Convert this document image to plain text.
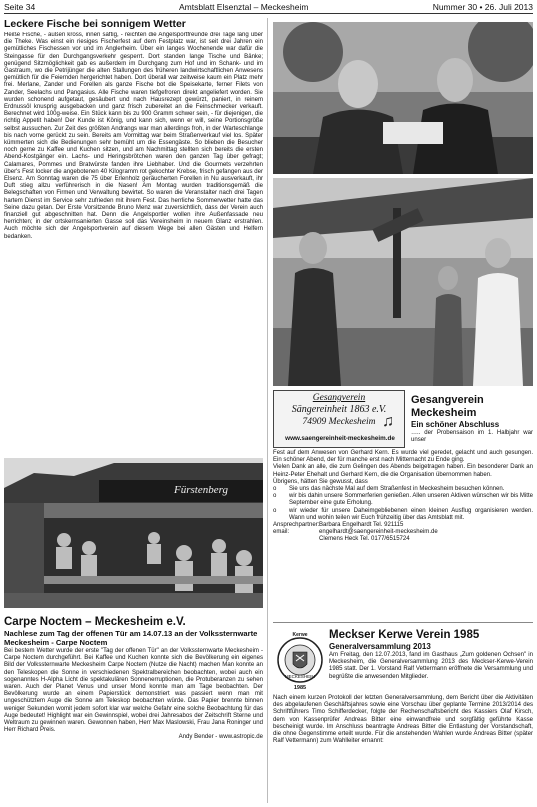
Seite 34	Amtsblatt Elsenztal – Meckesheim	Nummer 30 • 26. Juli 2013
Leckere Fische bei sonnigem Wetter

Heiße Fische, - außen kross, innen saftig, - reichten die Angelsportfreunde drei Tage lang über die Theke. Was einst ein riesiges Fischerfest auf dem Festplatz war, ist seit drei Jahren ein gemütliches Fischessen vor und im Anglerheim. Über ein langes Wochenende war dafür die Steingasse für den Durchgangsverkehr gesperrt. Dort standen lange Tische und Bänke; genügend Sitzmöglichkeit gab es außerdem im Durchgang zum Hof und im Schank- und im Gastraum, wo die Petrijünger die alten Stallungen des früheren landwirtschaftlichen Anwesens gemütlich für die Feiernden hergerichtet haben. Dort überall war zeitweise kaum ein Platz mehr frei. Merlane, Zander und Forellen als ganze Fische bot die Speisekarte, ferner Filets von Zander, Seelachs und Pangasius. Alle Fische waren tiefgefroren direkt angeliefert worden. Sie wurden schonend aufgetaut, gesäubert und nach Hausrezept gewürzt, paniert, in reinem Erdnussöl knusprig ausgebacken und ganz frisch zubereitet an die Feinschmecker verkauft. Berechnet wird 100g-weise. Ein Stück kann bis zu 900 Gramm schwer sein, - für diejenigen, die richtig Appetit haben! Der Kunde ist König, und kann sich, wenn er will, seine Portionsgröße selbst aussuchen. Zur Zeit des größten Andrangs war man allerdings froh, in der Warteschlange bis nach vorne gerückt zu sein. Bereits am Vormittag war beim Straßenverkauf viel los. Später kümmerten sich die Bedienungen sehr bemüht um die Essengäste. So blieben die Besucher noch gerne zu Kaffee und Kuchen sitzen, und am Nachmittag stellten sich bereits die ersten Abend-Kostgänger ein. Lachs- und Heringsbrötchen waren den ganzen Tag über gefragt; Calamares, Pommes und Bratwürste fanden ihre Liebhaber. Und die Gourmets verzehrten über's Fest locker die angebotenen 40 Kilogramm rot gekochter Krebse, frisch gefangen aus der Elsenz. Am Sonntag waren die 75 über Erlenholz geräucherten Forellen in Nu ausverkauft, ihr Duft stieg allzu verführerisch in die Nasen! Am Montag wurden traditionsgemäß die Belegschaften von Firmen und Verwaltung bewirtet. So waren die Veranstalter nach drei Tagen hartem Dienst im Service sehr zufrieden mit ihrem Fest. Das herrliche Sommerwetter hatte das Seine dazu getan. Der Erste Vorsitzende Bruno Menz war zuversichtlich, dass der Verein auch finanziell gut abgeschnitten hat. Denn die Angelsportler wollen ihre Außenfassade neu herrichten; in der ortskernsanierten Gasse soll das Vereinsheim in neuem Glanz erstrahlen. Auch möchte sich der Angelsportverein auf diesem Wege bei allen Gästen und Helfern bedanken.

Fürstenberg
Carpe Noctem – Meckesheim e.V.
Nachlese zum Tag der offenen Tür am 14.07.13 an der Volkssternwarte Meckesheim - Carpe Noctem

Bei bestem Wetter wurde der erste "Tag der offenen Tür" an der Volkssternwarte Meckesheim - Carpe Noctem durchgeführt. Bei Kaffee und Kuchen konnte sich die Bevölkerung ein eigenes Bild der Volkssternwarte Meckesheim Carpe Noctem (Nutze die Nacht) machen Man konnte an den Teleskopen die Sonne in verschiedenen Spektralbereichen beobachten, wobei auch ein sogenanntes H-Alpha Licht die spektakulären Sonnenerruptionen, die Protuberanzen zu sehen waren. Auch der Planet Venus und unser Mond konnte man am Tage beobachten. Der Bevölkerung wurde an einem Papierstück demonstriert was passiert wenn man mit ungeschütztem Auge die Sonne am Teleskop beobachten würde. Das Papier brennte binnen weniger Sekunden womit jedem sofort klar war welche Gefahr eine solche Beobachtung für das Auge bedeutet! Highlight war ein Gewinnspiel, wobei drei Jahresabos der Zeitschrift Sterne und Weltraum zu gewinnen waren. Gewonnen haben, Herr Max Maslowski, Frau Jana Roninger und Herr Richard Preis.

Andy Bender - www.astropic.de

Gesangverein
Sängereinheit 1863 e.V.
74909 Meckesheim ♫
www.saengereinheit-meckesheim.de
Gesangverein Meckesheim
Ein schöner Abschluss
….. der Probensaison im 1. Halbjahr war unser

Fest auf dem Anwesen von Gerhard Kern. Es wurde viel geredet, gelacht und auch gesungen. Ein schöner Abend, der für manche erst nach Mitternacht zu Ende ging.

Vielen Dank an alle, die zum Gelingen des Abends beigetragen haben. Ein besonderer Dank an Heinz-Peter Ehehalt und Gerhard Kern, die die Organisation übernommen haben.

Übrigens, hätten Sie gewusst, dass

o	Sie uns das nächste Mal auf dem Straßenfest in Meckesheim besuchen können.
o	wir bis dahin unsere Sommerferien genießen. Allen unseren Aktiven wünschen wir bis Mitte September eine gute Erholung.
o	wir wieder für unsere Daheimgebliebenen einen kleinen Ausflug organisieren werden. Wann und wohin teilen wir Euch frühzeitig über das Amtsblatt mit.
Ansprechpartner: Barbara Engelhardt Tel. 921115
email:	engelhardt@saengereinheit-meckesheim.de
Clemens Heck Tel. 0177/6515724
Kerwe
MECKESHEIM
1985
Meckser Kerwe Verein 1985
Generalversammlung 2013
Am Freitag, den 12.07.2013, fand im Gasthaus „Zum goldenen Ochsen" in Meckesheim, die Generalversammlung 2013 des Meckser-Kerwe-Verein 1985 statt. Der 1. Vorstand Ralf Vettermann eröffnete die Versammlung und begrüßte die anwesenden Mitglieder.

Nach einem kurzen Protokoll der letzten Generalversammlung, dem Bericht über die Aktivitäten des abgelaufenen Geschäftsjahres sowie eine Vorschau über geplante Termine 2013/2014 des Schriftführers Timo Schifferdecker, folgte der Rechenschaftsbericht des Kassiers Olaf Kirsch, dem von Kassenprüfer Andreas Bitter eine einwandfreie und sorgfältig geführte Kasse bescheinigt wurde. Im Anschluss beantragte Andreas Bitter die Entlastung der Vorstandschaft, die ohne Gegenstimme erteilt wurde. Für die anstehenden Wahlen wurde Andreas Bitter (später Ralf Vettermann) zum Wahlleiter ernannt:
